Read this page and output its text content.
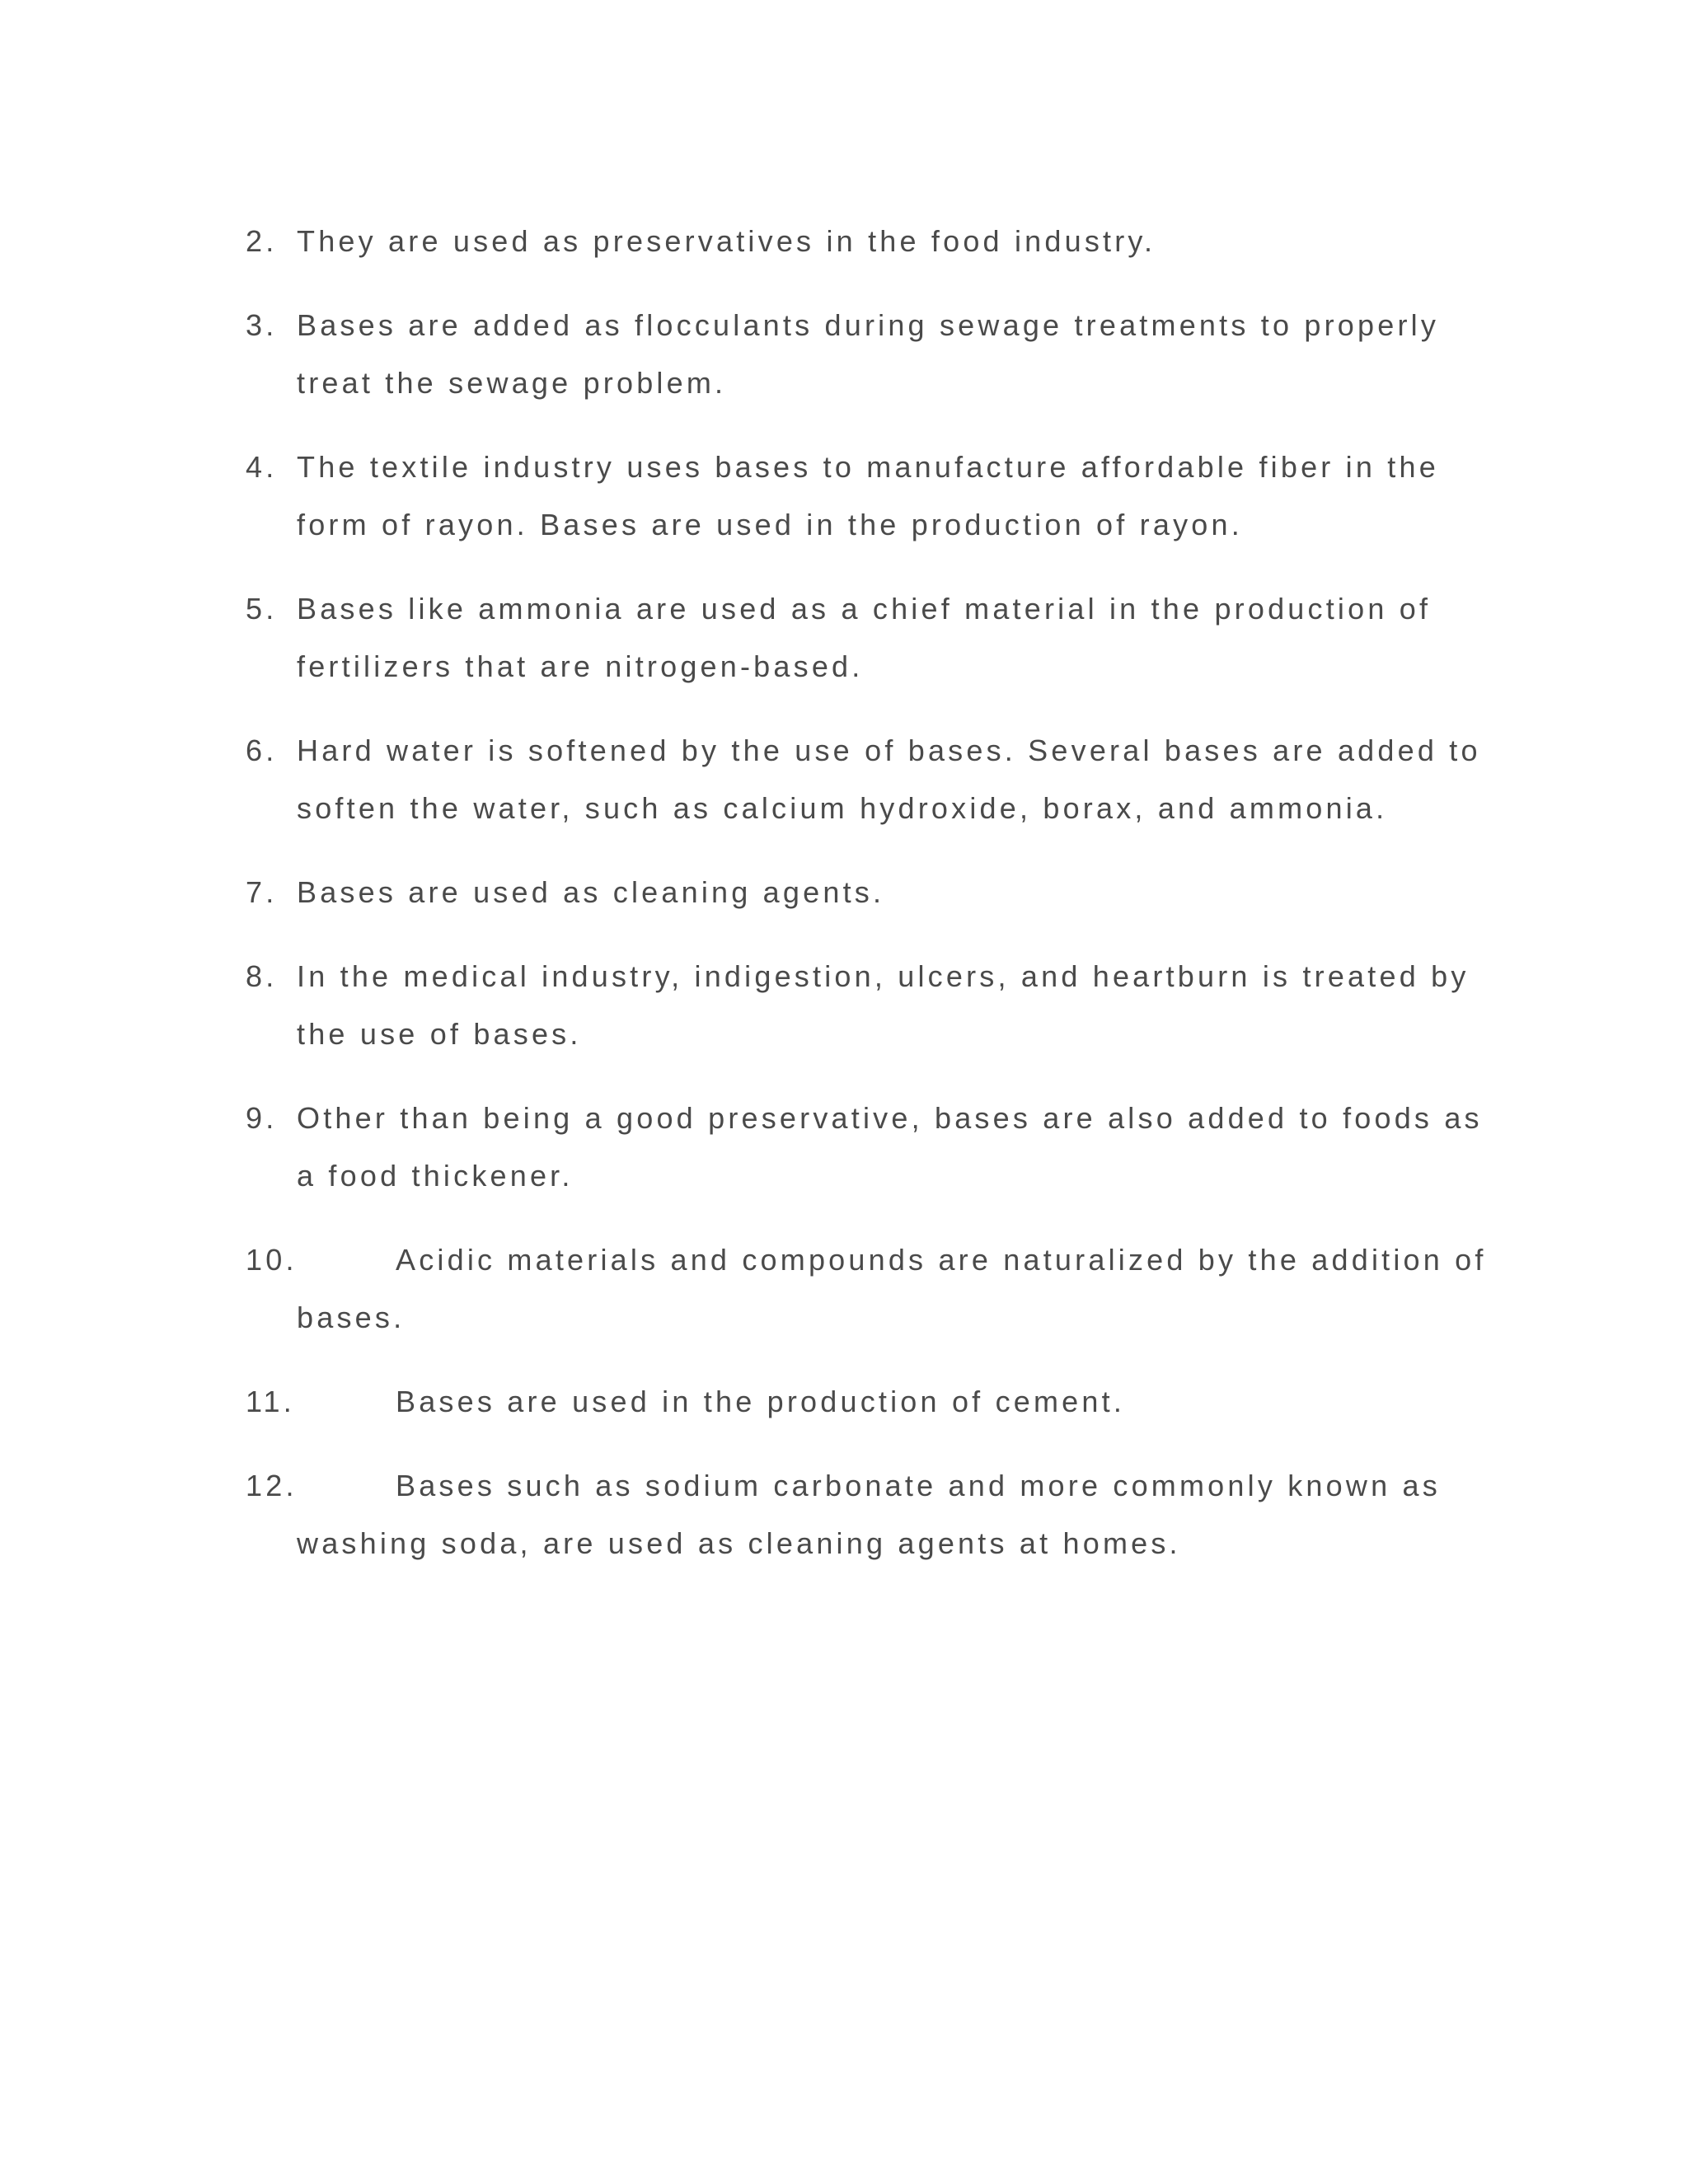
2. They are used as preservatives in the food industry.
3. Bases are added as flocculants during sewage treatments to properly treat the sewage problem.
4. The textile industry uses bases to manufacture affordable fiber in the form of rayon. Bases are used in the production of rayon.
5. Bases like ammonia are used as a chief material in the production of fertilizers that are nitrogen-based.
6. Hard water is softened by the use of bases. Several bases are added to soften the water, such as calcium hydroxide, borax, and ammonia.
7. Bases are used as cleaning agents.
8. In the medical industry, indigestion, ulcers, and heartburn is treated by the use of bases.
9. Other than being a good preservative, bases are also added to foods as a food thickener.
10.	Acidic materials and compounds are naturalized by the addition of bases.
11.	Bases are used in the production of cement.
12.	Bases such as sodium carbonate and more commonly known as washing soda, are used as cleaning agents at homes.
